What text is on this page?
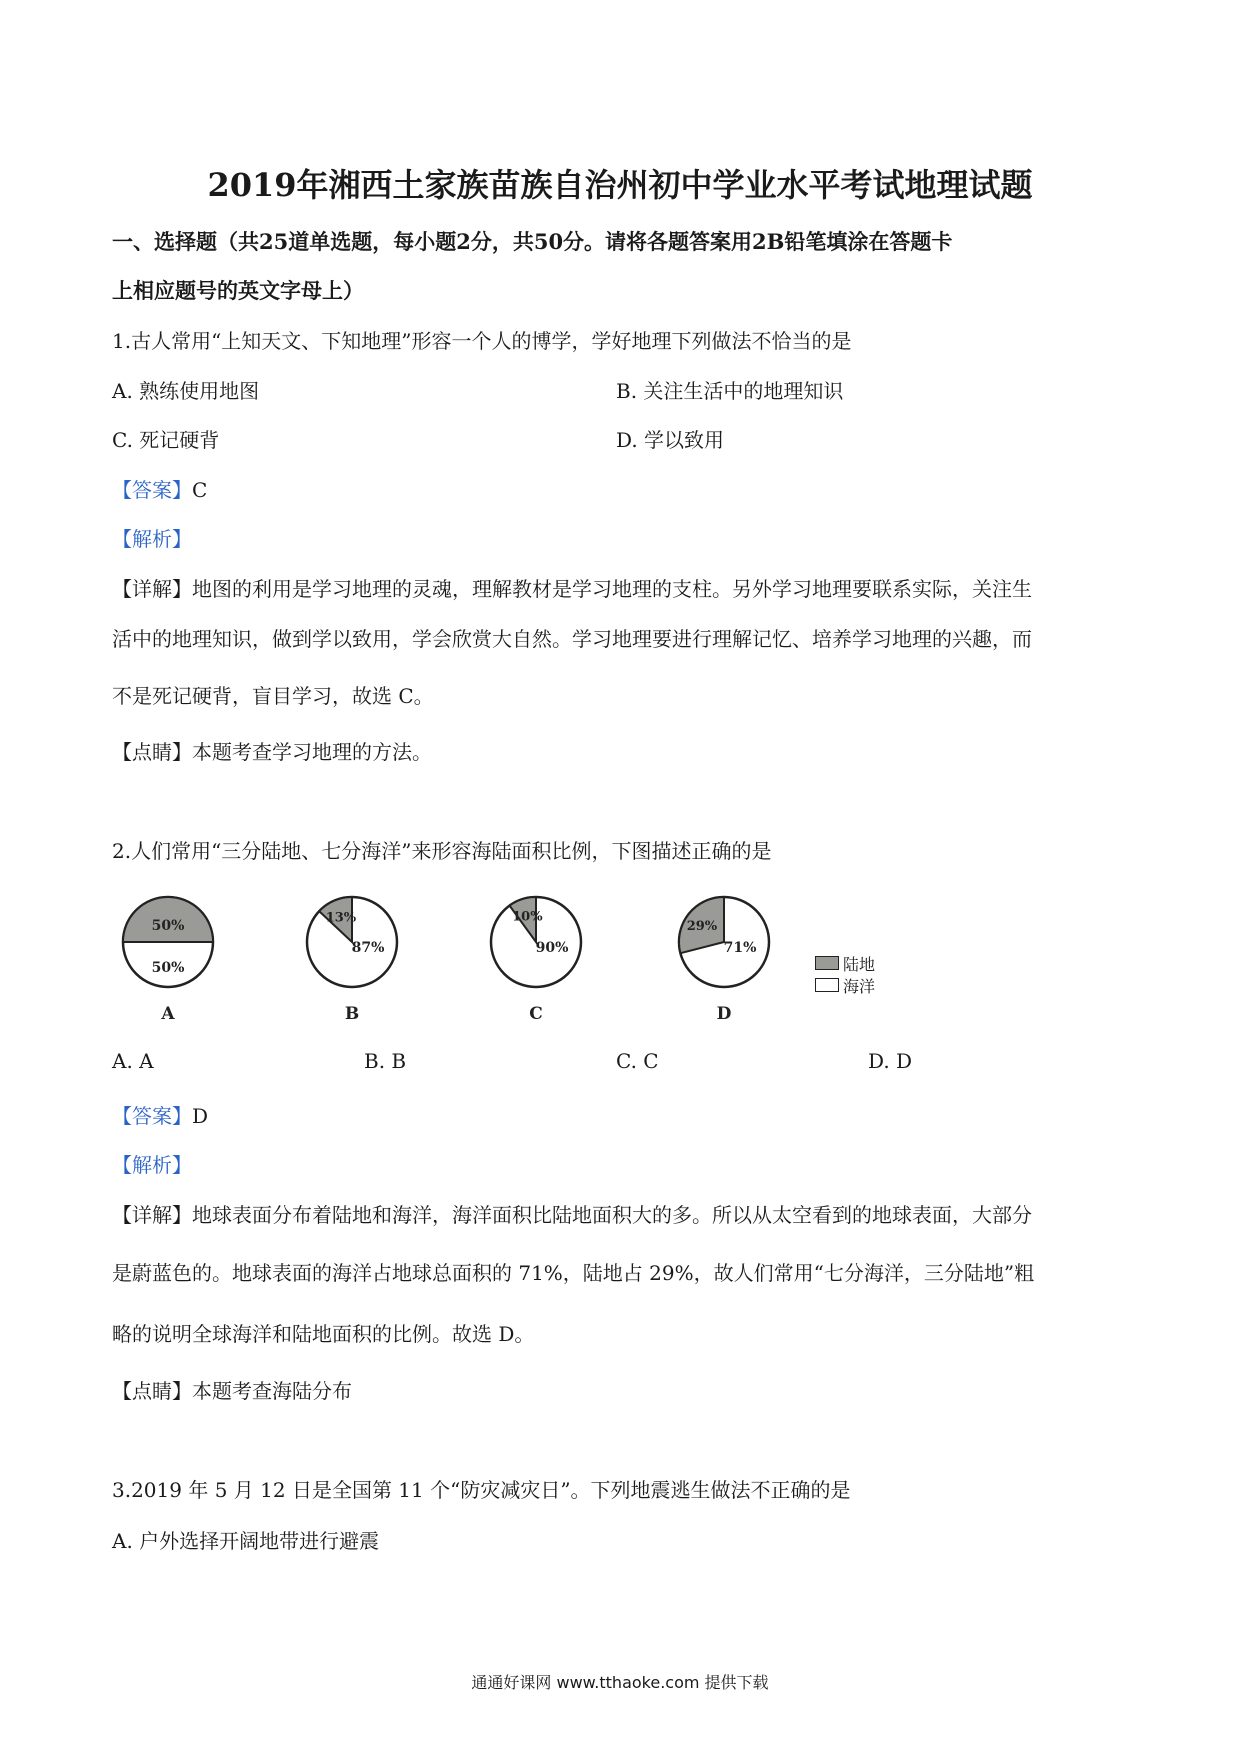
2019年湘西土家族苗族自治州初中学业水平考试地理试题
一、选择题（共25道单选题，每小题2分，共50分。请将各题答案用2B铅笔填涂在答题卡
上相应题号的英文字母上）
1.古人常用“上知天文、下知地理”形容一个人的博学，学好地理下列做法不恰当的是
A. 熟练使用地图	B. 关注生活中的地理知识
C. 死记硬背	D. 学以致用
【答案】C
【解析】
【详解】地图的利用是学习地理的灵魂，理解教材是学习地理的支柱。另外学习地理要联系实际，关注生
活中的地理知识，做到学以致用，学会欣赏大自然。学习地理要进行理解记忆、培养学习地理的兴趣，而
不是死记硬背，盲目学习，故选 C。
【点睛】本题考查学习地理的方法。
2.人们常用“三分陆地、七分海洋”来形容海陆面积比例，下图描述正确的是
50%
50%
A
13%
87%
B
10%
90%
C
29%
71%
D
陆地
海洋
A. A	B. B	C. C	D. D
【答案】D
【解析】
【详解】地球表面分布着陆地和海洋，海洋面积比陆地面积大的多。所以从太空看到的地球表面，大部分
是蔚蓝色的。地球表面的海洋占地球总面积的 71%，陆地占 29%，故人们常用“七分海洋，三分陆地”粗
略的说明全球海洋和陆地面积的比例。故选 D。
【点睛】本题考查海陆分布
3.2019 年 5 月 12 日是全国第 11 个“防灾减灾日”。下列地震逃生做法不正确的是
A. 户外选择开阔地带进行避震
通通好课网 www.tthaoke.com 提供下载
